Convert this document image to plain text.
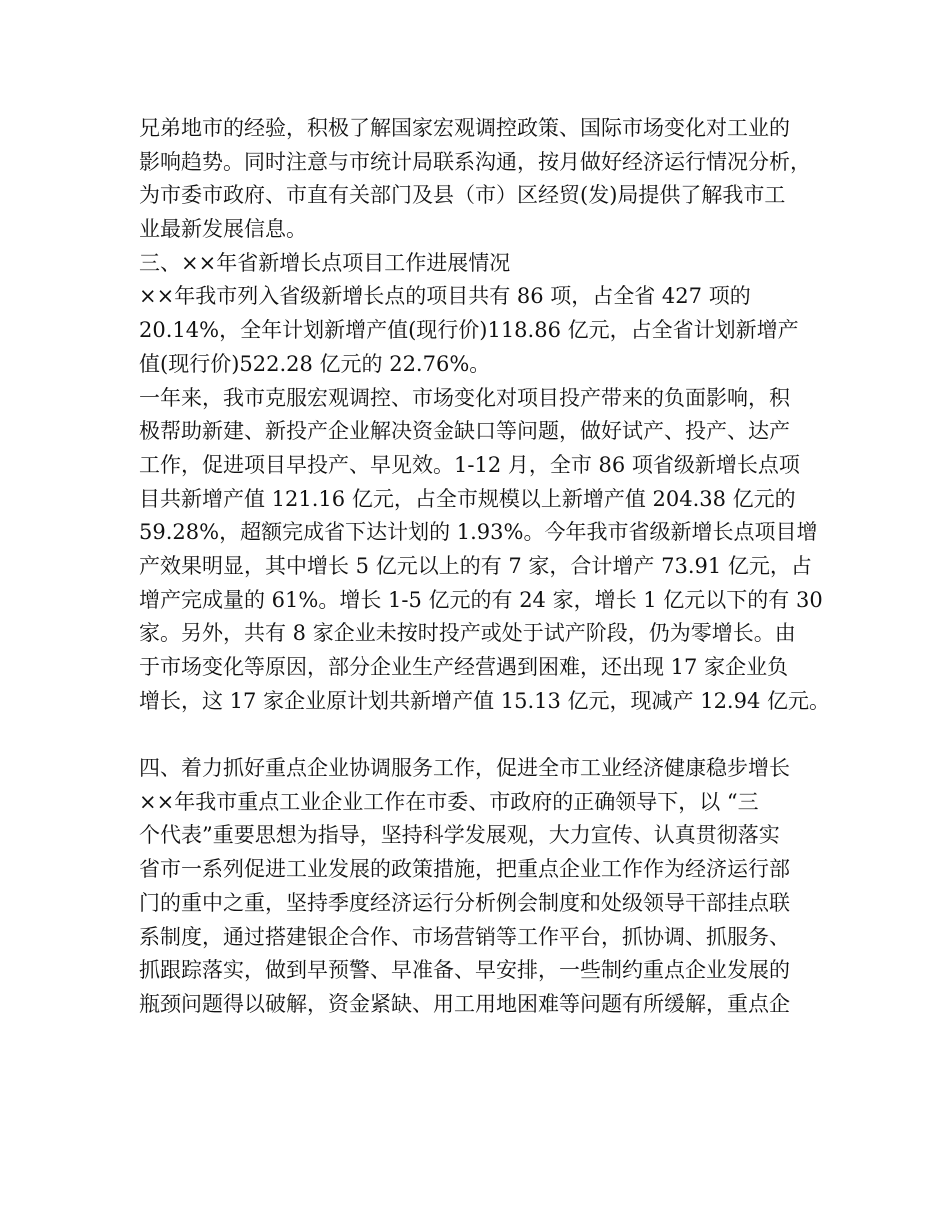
兄弟地市的经验，积极了解国家宏观调控政策、国际市场变化对工业的
影响趋势。同时注意与市统计局联系沟通，按月做好经济运行情况分析，
为市委市政府、市直有关部门及县（市）区经贸(发)局提供了解我市工
业最新发展信息。
三、××年省新增长点项目工作进展情况
××年我市列入省级新增长点的项目共有 86 项，占全省 427 项的
20.14%，全年计划新增产值(现行价)118.86 亿元，占全省计划新增产
值(现行价)522.28 亿元的 22.76%。
一年来，我市克服宏观调控、市场变化对项目投产带来的负面影响，积
极帮助新建、新投产企业解决资金缺口等问题，做好试产、投产、达产
工作，促进项目早投产、早见效。1-12 月，全市 86 项省级新增长点项
目共新增产值 121.16 亿元，占全市规模以上新增产值 204.38 亿元的
59.28%，超额完成省下达计划的 1.93%。今年我市省级新增长点项目增
产效果明显，其中增长 5 亿元以上的有 7 家，合计增产 73.91 亿元，占
增产完成量的 61%。增长 1-5 亿元的有 24 家，增长 1 亿元以下的有 30
家。另外，共有 8 家企业未按时投产或处于试产阶段，仍为零增长。由
于市场变化等原因，部分企业生产经营遇到困难，还出现 17 家企业负
增长，这 17 家企业原计划共新增产值 15.13 亿元，现减产 12.94 亿元。
四、着力抓好重点企业协调服务工作，促进全市工业经济健康稳步增长
××年我市重点工业企业工作在市委、市政府的正确领导下，以 “三
个代表”重要思想为指导，坚持科学发展观，大力宣传、认真贯彻落实
省市一系列促进工业发展的政策措施，把重点企业工作作为经济运行部
门的重中之重，坚持季度经济运行分析例会制度和处级领导干部挂点联
系制度，通过搭建银企合作、市场营销等工作平台，抓协调、抓服务、
抓跟踪落实，做到早预警、早准备、早安排，一些制约重点企业发展的
瓶颈问题得以破解，资金紧缺、用工用地困难等问题有所缓解，重点企
